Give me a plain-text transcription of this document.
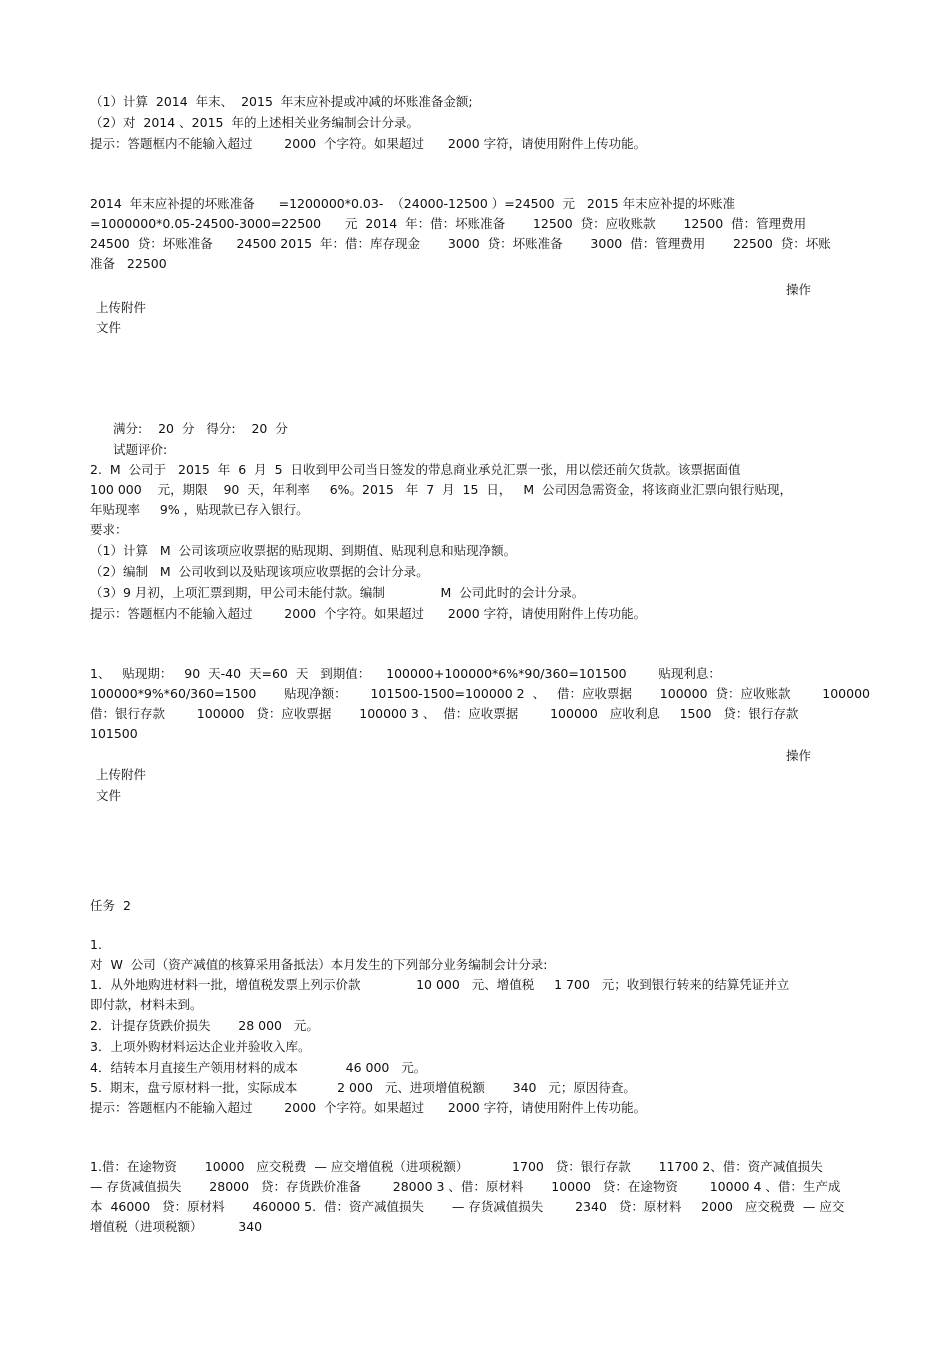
（1）计算  2014  年末、  2015  年末应补提或冲减的坏账准备金额;
（2）对  2014 、2015  年的上述相关业务编制会计分录。
提示：答题框内不能输入超过        2000  个字符。如果超过      2000 字符，请使用附件上传功能。
2014  年末应补提的坏账准备      =1200000*0.03-  （24000-12500 ）=24500  元   2015 年末应补提的坏账准
=1000000*0.05-24500-3000=22500      元  2014  年：借：坏账准备       12500  贷：应收账款       12500  借：管理费用
24500  贷：坏账准备      24500 2015  年：借：库存现金       3000  贷：坏账准备       3000  借：管理费用       22500  贷：坏账
准备   22500
操作
上传附件
文件
满分:    20  分   得分:    20  分
试题评价:
2.  M  公司于   2015  年  6  月  5  日收到甲公司当日签发的带息商业承兑汇票一张，用以偿还前欠货款。该票据面值
100 000    元，期限    90  天，年利率     6%。2015   年  7  月  15  日，   M  公司因急需资金，将该商业汇票向银行贴现，
年贴现率     9% ，贴现款已存入银行。
要求：
（1）计算   M  公司该项应收票据的贴现期、到期值、贴现利息和贴现净额。
（2）编制   M  公司收到以及贴现该项应收票据的会计分录。
（3）9 月初，上项汇票到期，甲公司未能付款。编制              M  公司此时的会计分录。
提示：答题框内不能输入超过        2000  个字符。如果超过      2000 字符，请使用附件上传功能。
1、   贴现期：   90  天-40  天=60  天   到期值：    100000+100000*6%*90/360=101500        贴现利息：
100000*9%*60/360=1500       贴现净额：      101500-1500=100000 2  、   借：应收票据       100000  贷：应收账款        100000
借：银行存款        100000   贷：应收票据       100000 3 、  借：应收票据        100000   应收利息     1500   贷：银行存款
101500
操作
上传附件
文件
任务  2
1.
对  W  公司（资产减值的核算采用备抵法）本月发生的下列部分业务编制会计分录:
1．从外地购进材料一批，增值税发票上列示价款              10 000   元、增值税     1 700   元；收到银行转来的结算凭证并立
即付款，材料未到。
2．计提存货跌价损失       28 000   元。
3．上项外购材料运达企业并验收入库。
4．结转本月直接生产领用材料的成本            46 000   元。
5.  期末，盘亏原材料一批，实际成本          2 000   元、进项增值税额       340   元；原因待查。
提示：答题框内不能输入超过        2000  个字符。如果超过      2000 字符，请使用附件上传功能。
1.借：在途物资       10000   应交税费  — 应交增值税（进项税额）           1700   贷：银行存款       11700 2、借：资产减值损失
— 存货减值损失       28000   贷：存货跌价准备        28000 3 、借：原材料       10000   贷：在途物资        10000 4 、借：生产成
本  46000   贷：原材料       460000 5.  借：资产减值损失       — 存货减值损失        2340   贷：原材料     2000   应交税费  — 应交
增值税（进项税额）         340
